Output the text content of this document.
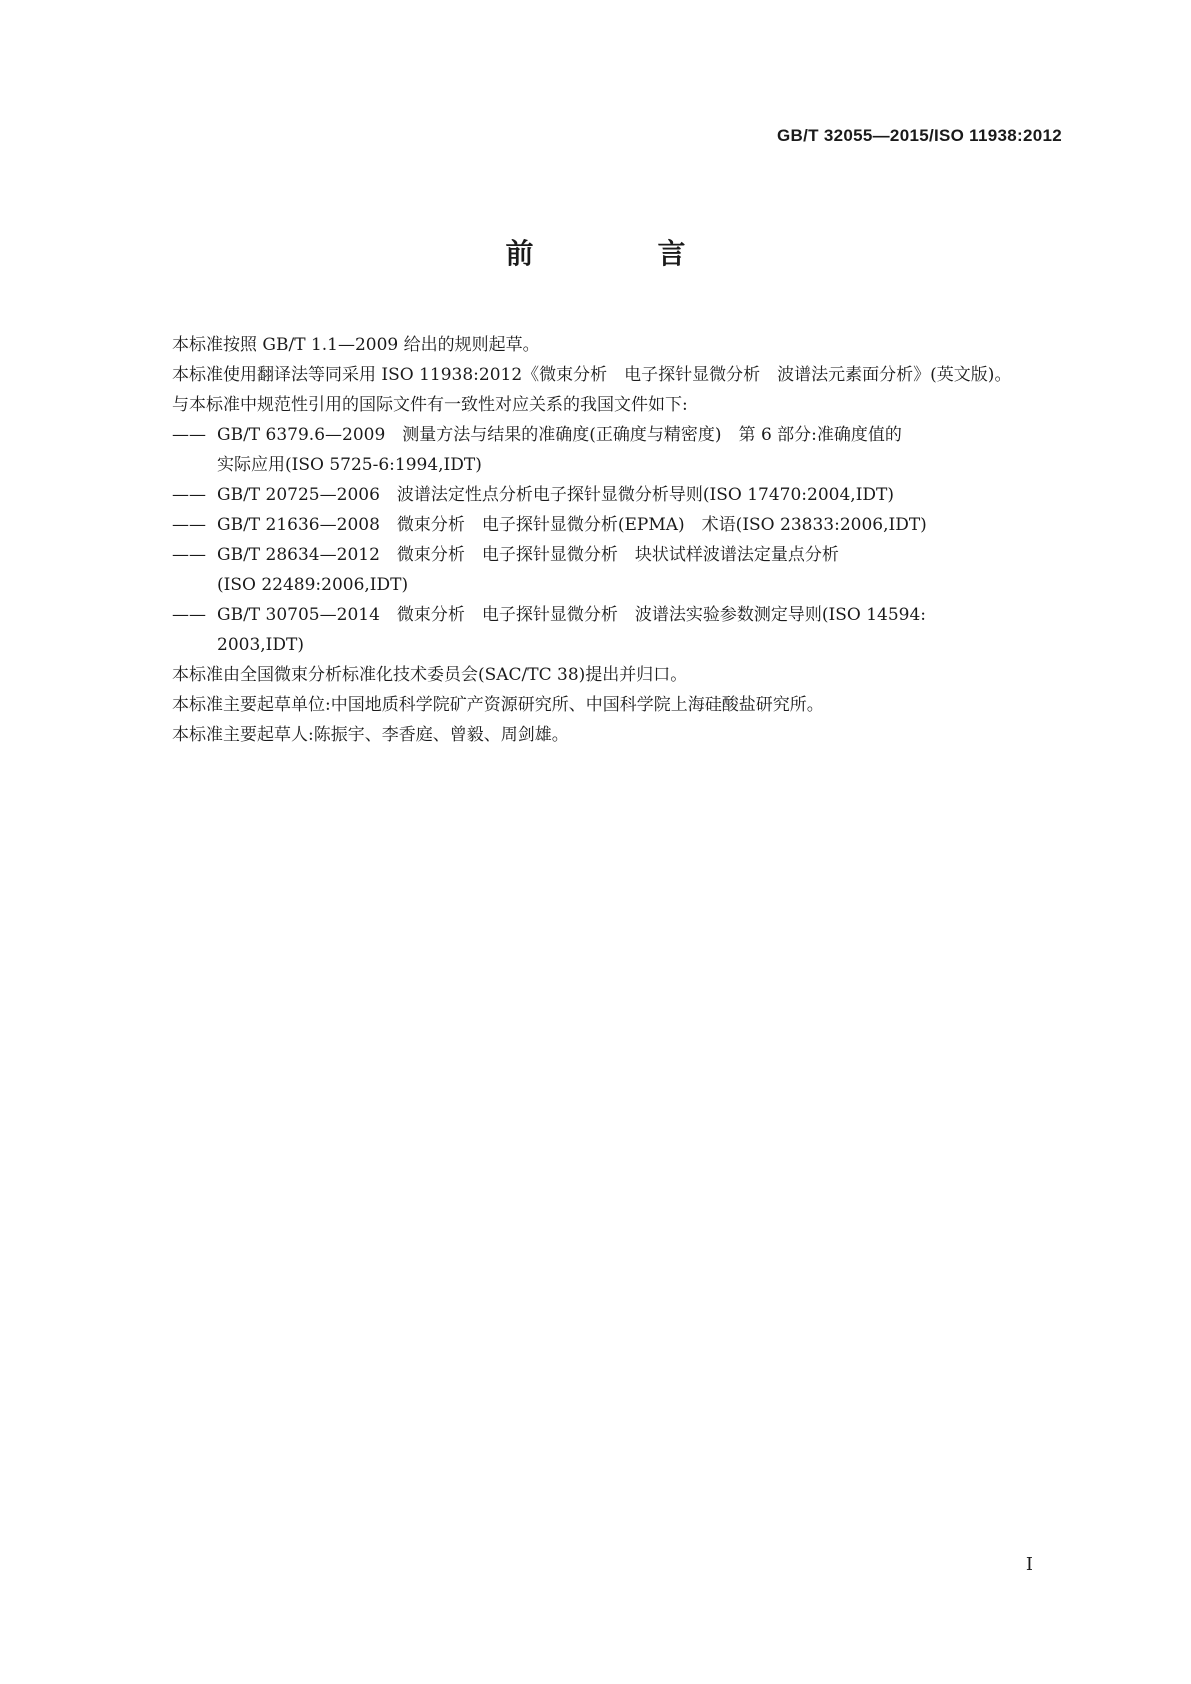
GB/T 32055—2015/ISO 11938:2012
前　言

本标准按照 GB/T 1.1—2009 给出的规则起草。

本标准使用翻译法等同采用 ISO 11938:2012《微束分析　电子探针显微分析　波谱法元素面分析》(英文版)。

与本标准中规范性引用的国际文件有一致性对应关系的我国文件如下:

—— GB/T 6379.6—2009　测量方法与结果的准确度(正确度与精密度)　第 6 部分:准确度值的
实际应用(ISO 5725-6:1994,IDT)
—— GB/T 20725—2006　波谱法定性点分析电子探针显微分析导则(ISO 17470:2004,IDT)
—— GB/T 21636—2008　微束分析　电子探针显微分析(EPMA)　术语(ISO 23833:2006,IDT)
—— GB/T 28634—2012　微束分析　电子探针显微分析　块状试样波谱法定量点分析
(ISO 22489:2006,IDT)
—— GB/T 30705—2014　微束分析　电子探针显微分析　波谱法实验参数测定导则(ISO 14594:
2003,IDT)

本标准由全国微束分析标准化技术委员会(SAC/TC 38)提出并归口。

本标准主要起草单位:中国地质科学院矿产资源研究所、中国科学院上海硅酸盐研究所。

本标准主要起草人:陈振宇、李香庭、曾毅、周剑雄。

I
